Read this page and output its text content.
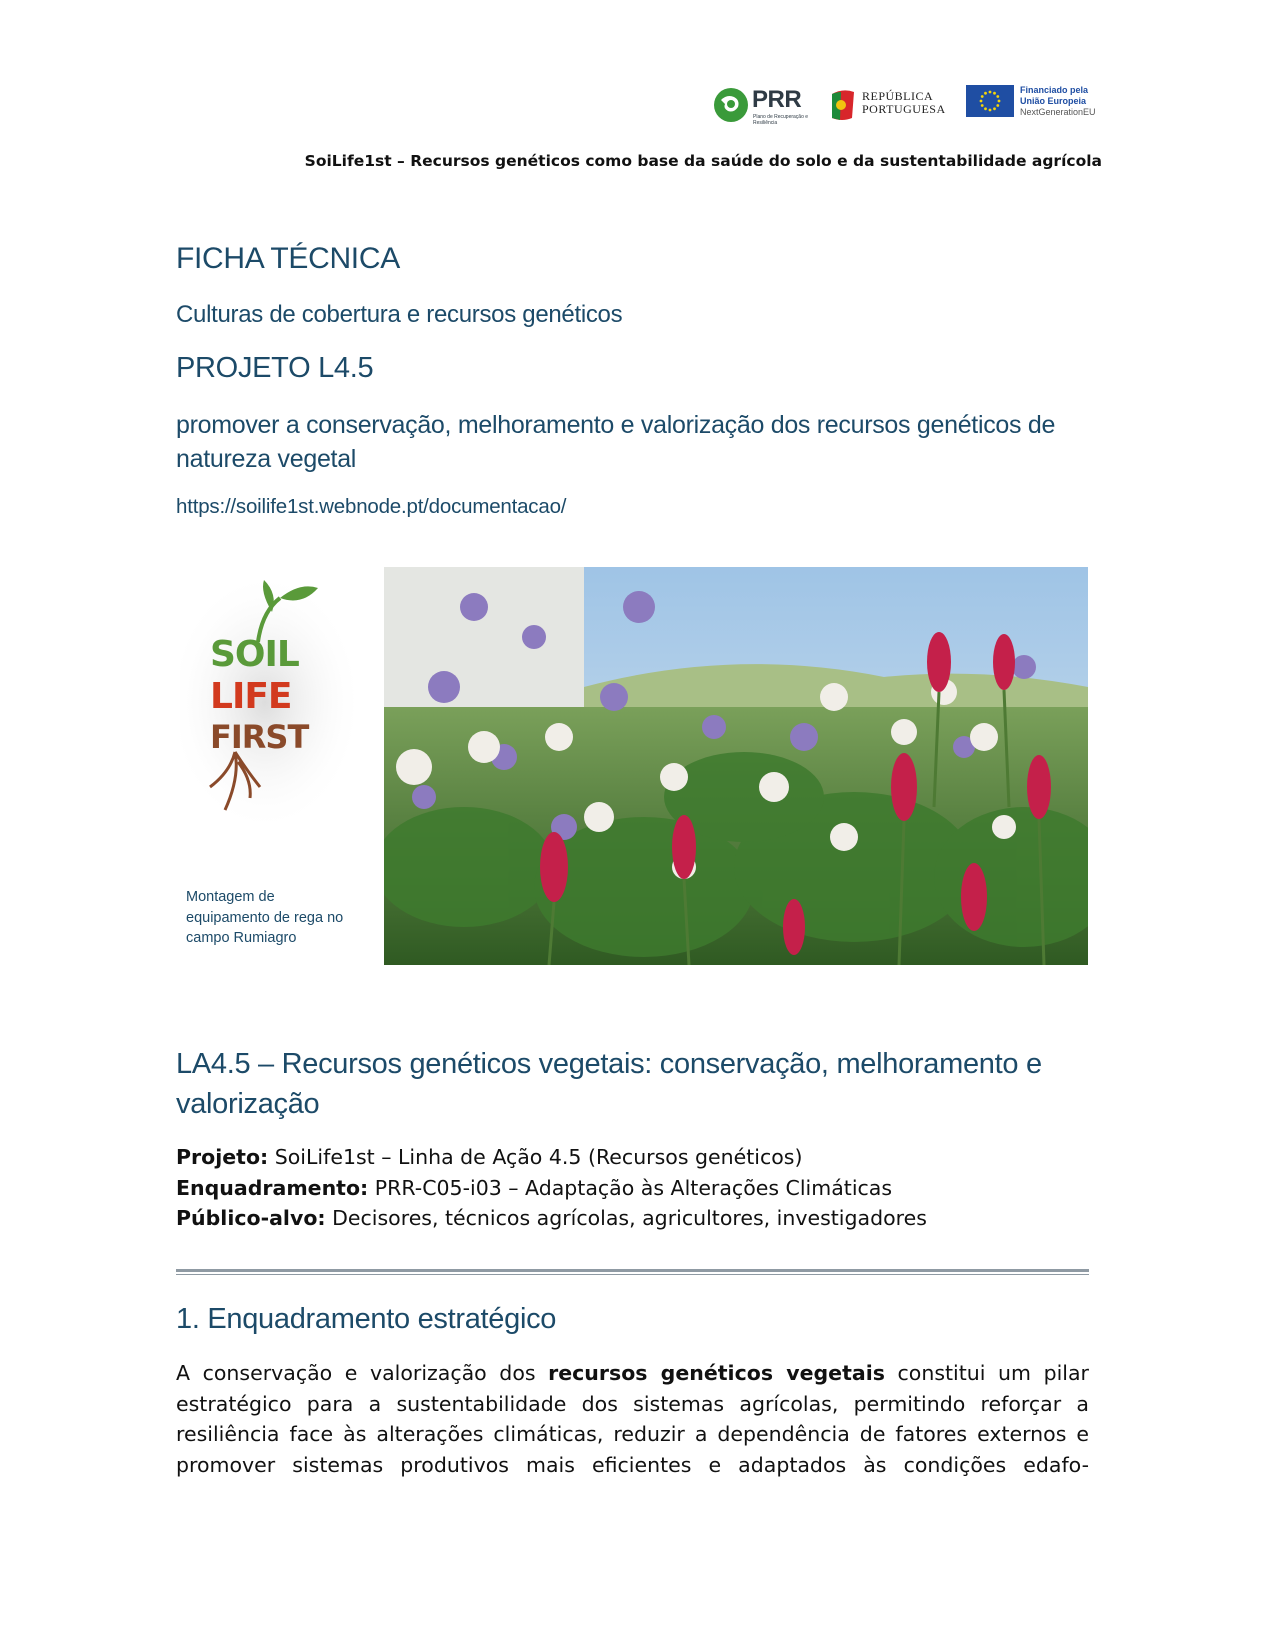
PRR
Plano de Recuperação e Resiliência
REPÚBLICA
PORTUGUESA
Financiado pela
União Europeia
NextGenerationEU
SoiLife1st – Recursos genéticos como base da saúde do solo e da sustentabilidade agrícola
FICHA TÉCNICA
Culturas de cobertura e recursos genéticos
PROJETO L4.5
promover a conservação, melhoramento e valorização dos recursos genéticos de natureza vegetal
https://soilife1st.webnode.pt/documentacao/
SOIL
LIFE
FIRST
Montagem de equipamento de rega no campo Rumiagro
LA4.5 – Recursos genéticos vegetais: conservação, melhoramento e valorização
Projeto: SoiLife1st – Linha de Ação 4.5 (Recursos genéticos)
Enquadramento: PRR-C05-i03 – Adaptação às Alterações Climáticas
Público-alvo: Decisores, técnicos agrícolas, agricultores, investigadores
1. Enquadramento estratégico
A conservação e valorização dos recursos genéticos vegetais constitui um pilar estratégico para a sustentabilidade dos sistemas agrícolas, permitindo reforçar a resiliência face às alterações climáticas, reduzir a dependência de fatores externos e promover sistemas produtivos mais eficientes e adaptados às condições edafo-
